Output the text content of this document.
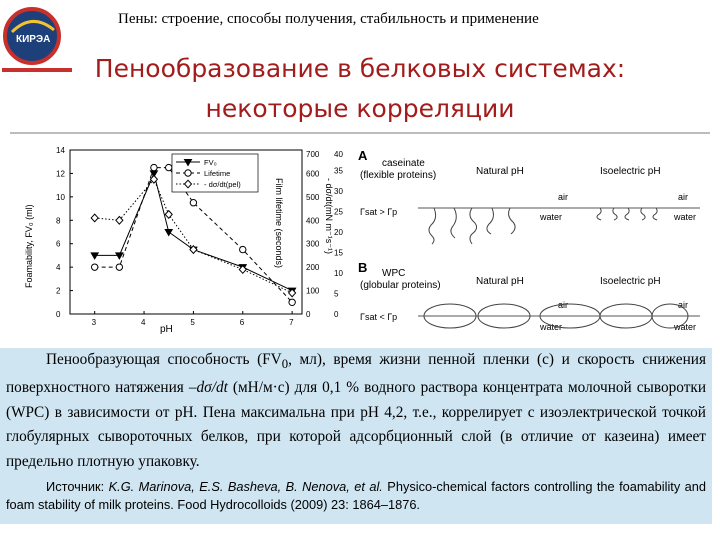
КИРЭА
Пены: строение, способы получения, стабильность и применение
Пенообразование в белковых системах:
некоторые корреляции
Foamability, FV₀ (ml)	Film lifetime (seconds)	- dσ/dt(mN m⁻¹s⁻¹)
pH
3	4	5	6	7
0
2
4
6
8
10
12
14
0
100
200
300
400
500
600
700
0
5
10
15
20
25
30
35
40
FV₀
Lifetime
- dσ/dt(pel)
A
caseinate
(flexible proteins)	Natural pH	Isoelectric pH
Γsat > Γp
air
water
air
water
B WPC
(globular proteins)	Natural pH	Isoelectric pH
Γsat < Γp
air
water
air
water

Пенообразующая способность ($FV_0$, мл), время жизни пенной пленки (с) и скорость снижения поверхностного натяжения –dσ/dt (мН/м·с) для 0,1 % водного раствора концентрата молочной сыворотки (WPC) в зависимости от рН. Пена максимальна при рН 4,2, т.е., коррелирует с изоэлектрической точкой глобулярных сывороточных белков, при которой адсорбционный слой (в отличие от казеина) имеет предельно плотную упаковку.

Источник: K.G. Marinova, E.S. Basheva, B. Nenova, et al. Physico-chemical factors controlling the foamability and foam stability of milk proteins. Food Hydrocolloids (2009) 23: 1864–1876.
